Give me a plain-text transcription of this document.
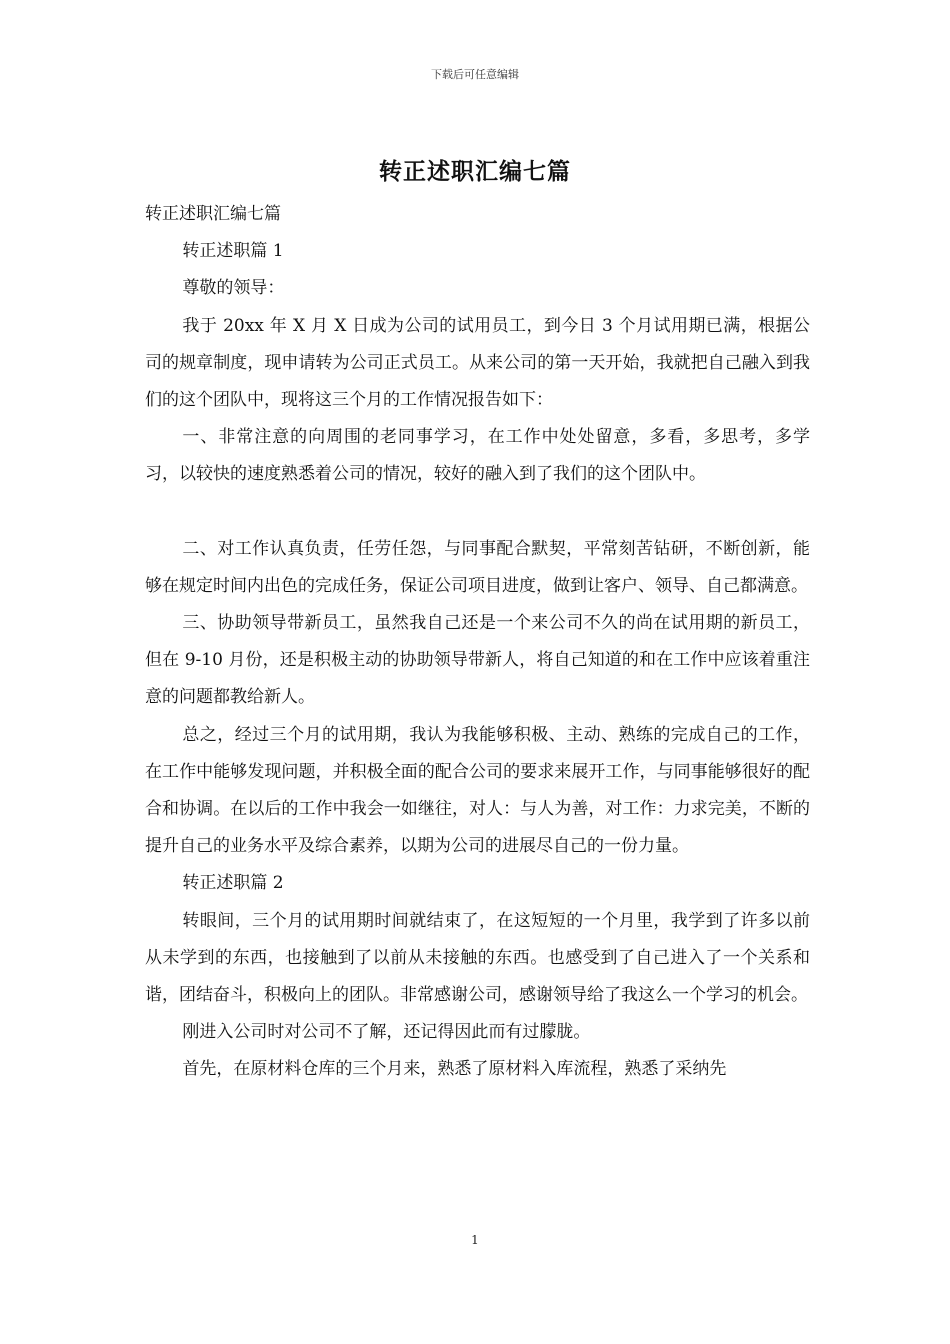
下载后可任意编辑
转正述职汇编七篇

转正述职汇编七篇

转正述职篇 1

尊敬的领导：

我于 20xx 年 X 月 X 日成为公司的试用员工，到今日 3 个月试用期已满，根据公司的规章制度，现申请转为公司正式员工。从来公司的第一天开始，我就把自己融入到我们的这个团队中，现将这三个月的工作情况报告如下：

一、非常注意的向周围的老同事学习，在工作中处处留意，多看，多思考，多学习，以较快的速度熟悉着公司的情况，较好的融入到了我们的这个团队中。

二、对工作认真负责，任劳任怨，与同事配合默契，平常刻苦钻研，不断创新，能够在规定时间内出色的完成任务，保证公司项目进度，做到让客户、领导、自己都满意。

三、协助领导带新员工，虽然我自己还是一个来公司不久的尚在试用期的新员工，但在 9-10 月份，还是积极主动的协助领导带新人，将自己知道的和在工作中应该着重注意的问题都教给新人。

总之，经过三个月的试用期，我认为我能够积极、主动、熟练的完成自己的工作，在工作中能够发现问题，并积极全面的配合公司的要求来展开工作，与同事能够很好的配合和协调。在以后的工作中我会一如继往，对人：与人为善，对工作：力求完美，不断的提升自己的业务水平及综合素养，以期为公司的进展尽自己的一份力量。

转正述职篇 2

转眼间，三个月的试用期时间就结束了，在这短短的一个月里，我学到了许多以前从未学到的东西，也接触到了以前从未接触的东西。也感受到了自己进入了一个关系和谐，团结奋斗，积极向上的团队。非常感谢公司，感谢领导给了我这么一个学习的机会。

刚进入公司时对公司不了解，还记得因此而有过朦胧。

首先，在原材料仓库的三个月来，熟悉了原材料入库流程，熟悉了采纳先

1
